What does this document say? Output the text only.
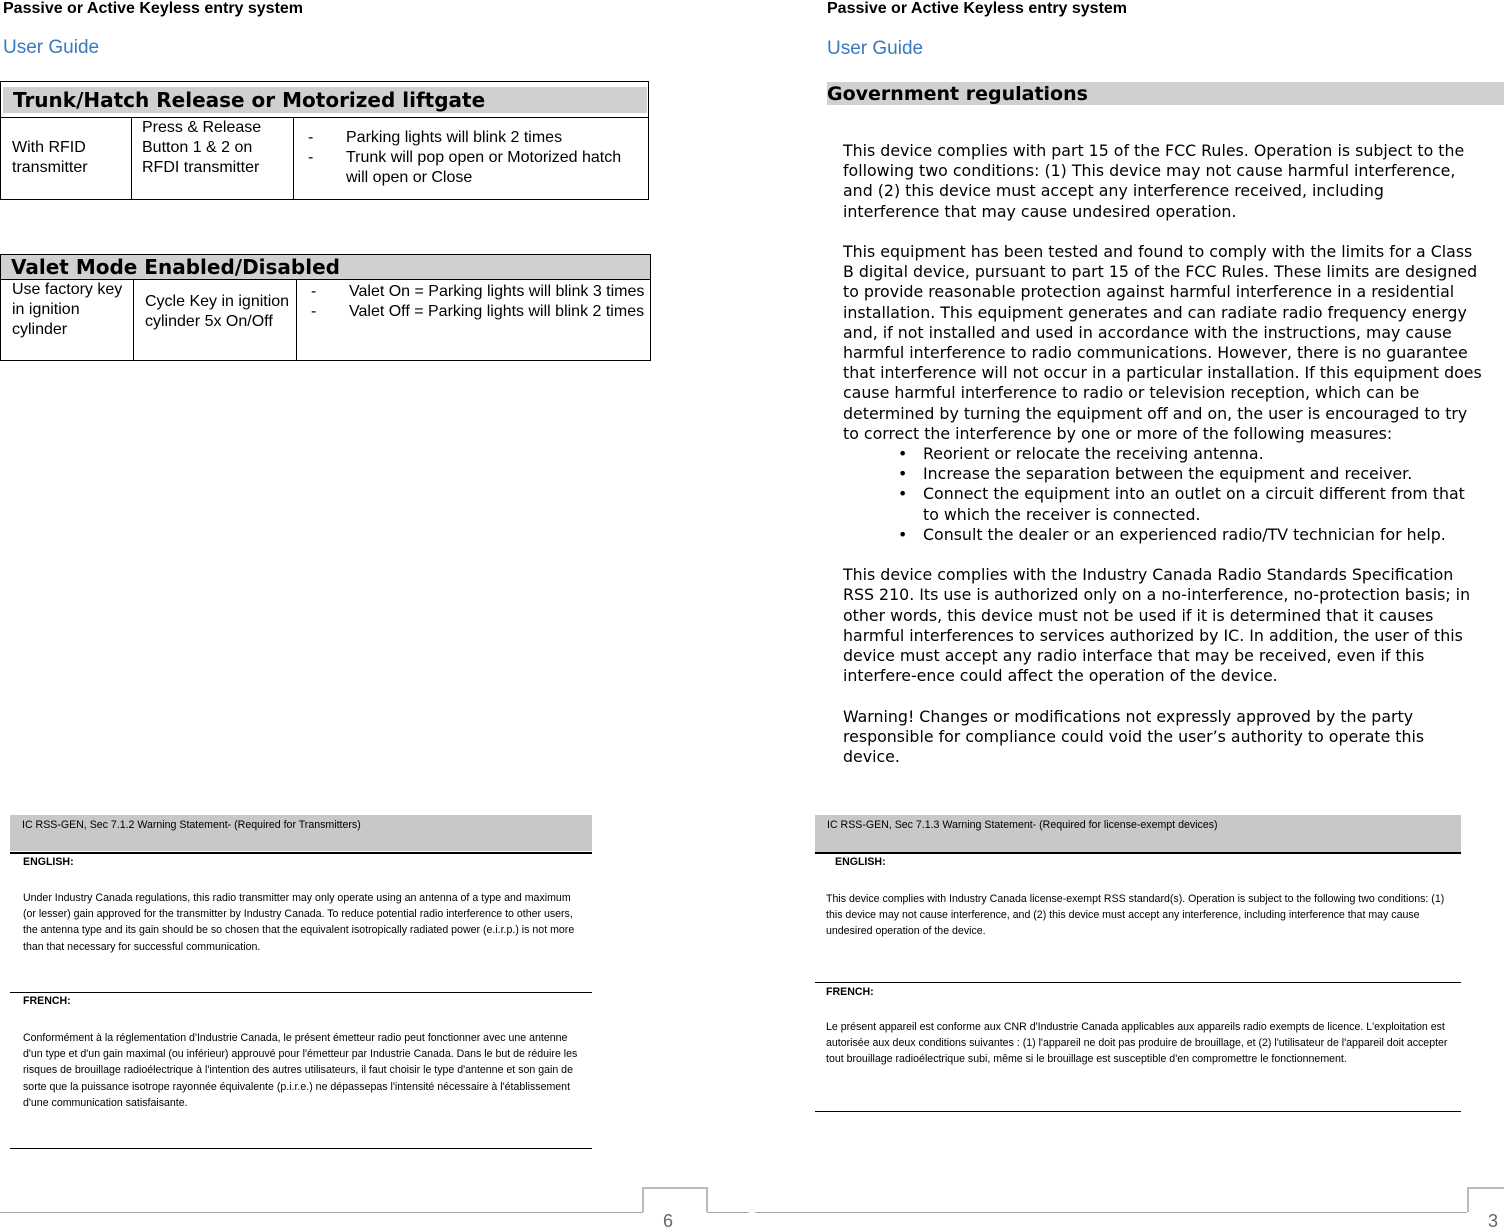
Passive or Active Keyless entry system
User Guide
Trunk/Hatch Release or Motorized liftgate
With RFID transmitter
Press & Release Button 1 & 2 on RFDI transmitter
- Parking lights will blink 2 times
- Trunk will pop open or Motorized hatch will open or Close
Valet Mode Enabled/Disabled
Use factory key in ignition cylinder
Cycle Key in ignition cylinder 5x On/Off
- Valet On = Parking lights will blink 3 times
- Valet Off = Parking lights will blink 2 times
IC RSS-GEN, Sec 7.1.2 Warning Statement- (Required for Transmitters)
ENGLISH:
Under Industry Canada regulations, this radio transmitter may only operate using an antenna of a type and maximum (or lesser) gain approved for the transmitter by Industry Canada. To reduce potential radio interference to other users, the antenna type and its gain should be so chosen that the equivalent isotropically radiated power (e.i.r.p.) is not more than that necessary for successful communication.
FRENCH:
Conformément à la réglementation d'Industrie Canada, le présent émetteur radio peut fonctionner avec une antenne d'un type et d'un gain maximal (ou inférieur) approuvé pour l'émetteur par Industrie Canada. Dans le but de réduire les risques de brouillage radioélectrique à l'intention des autres utilisateurs, il faut choisir le type d'antenne et son gain de sorte que la puissance isotrope rayonnée équivalente (p.i.r.e.) ne dépassepas l'intensité nécessaire à l'établissement d'une communication satisfaisante.
6
Passive or Active Keyless entry system
User Guide
Government regulations
This device complies with part 15 of the FCC Rules. Operation is subject to the following two conditions: (1) This device may not cause harmful interference, and (2) this device must accept any interference received, including interference that may cause undesired operation.
This equipment has been tested and found to comply with the limits for a Class B digital device, pursuant to part 15 of the FCC Rules. These limits are designed to provide reasonable protection against harmful interference in a residential installation. This equipment generates and can radiate radio frequency energy and, if not installed and used in accordance with the instructions, may cause harmful interference to radio communications. However, there is no guarantee that interference will not occur in a particular installation. If this equipment does cause harmful interference to radio or television reception, which can be determined by turning the equipment off and on, the user is encouraged to try to correct the interference by one or more of the following measures:
• Reorient or relocate the receiving antenna.
• Increase the separation between the equipment and receiver.
• Connect the equipment into an outlet on a circuit different from that to which the receiver is connected.
• Consult the dealer or an experienced radio/TV technician for help.
This device complies with the Industry Canada Radio Standards Specification RSS 210. Its use is authorized only on a no-interference, no-protection basis; in other words, this device must not be used if it is determined that it causes harmful interferences to services authorized by IC. In addition, the user of this device must accept any radio interface that may be received, even if this interfere-ence could affect the operation of the device.
Warning! Changes or modifications not expressly approved by the party responsible for compliance could void the user’s authority to operate this device.
IC RSS-GEN, Sec 7.1.3 Warning Statement- (Required for license-exempt devices)
ENGLISH:
This device complies with Industry Canada license-exempt RSS standard(s). Operation is subject to the following two conditions: (1) this device may not cause interference, and (2) this device must accept any interference, including interference that may cause undesired operation of the device.
FRENCH:
Le présent appareil est conforme aux CNR d'Industrie Canada applicables aux appareils radio exempts de licence. L'exploitation est autorisée aux deux conditions suivantes : (1) l'appareil ne doit pas produire de brouillage, et (2) l'utilisateur de l'appareil doit accepter tout brouillage radioélectrique subi, même si le brouillage est susceptible d'en compromettre le fonctionnement.
3
